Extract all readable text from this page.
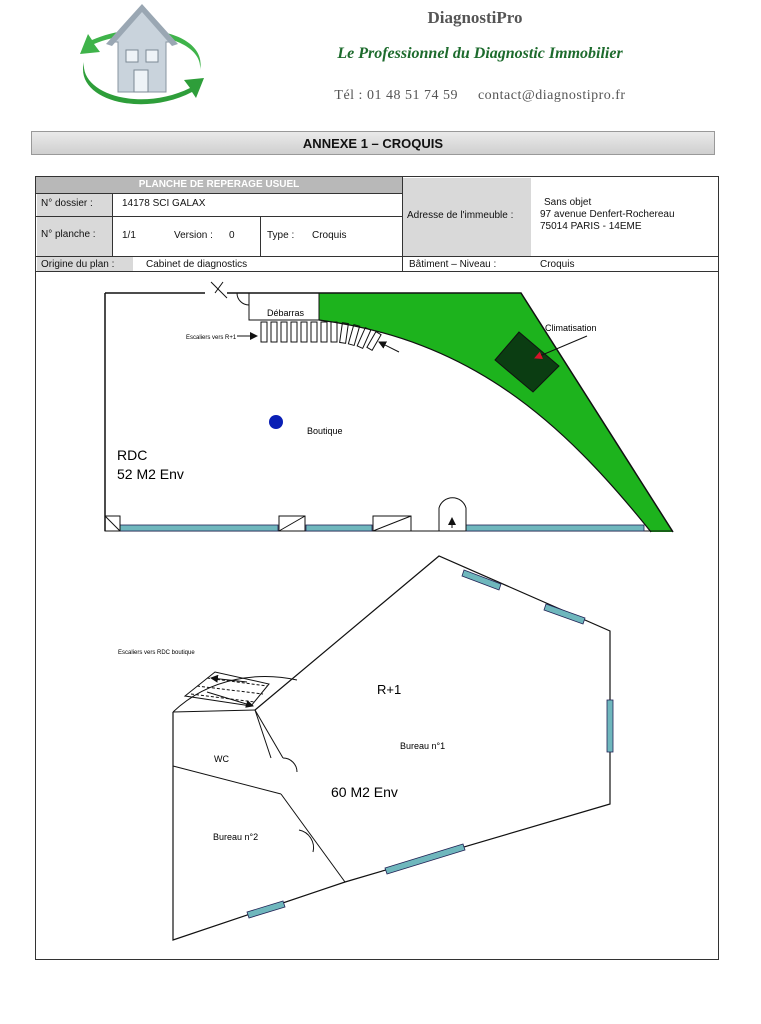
DiagnostiPro
Le Professionnel du Diagnostic Immobilier
Tél : 01 48 51 74 59 contact@diagnostipro.fr
ANNEXE 1 – CROQUIS
PLANCHE DE REPERAGE USUEL
N° dossier :	14178 SCI GALAX
N° planche :	1/1	Version : 0	Type : Croquis
Adresse de l'immeuble :
Sans objet
97 avenue Denfert-Rochereau
75014 PARIS - 14EME
Origine du plan :	Cabinet de diagnostics	Bâtiment – Niveau :	Croquis
Débarras
Escaliers vers R+1
Climatisation
Boutique
RDC
52 M2 Env
Escaliers vers RDC boutique
R+1
WC
Bureau n°1
60 M2 Env
Bureau n°2
